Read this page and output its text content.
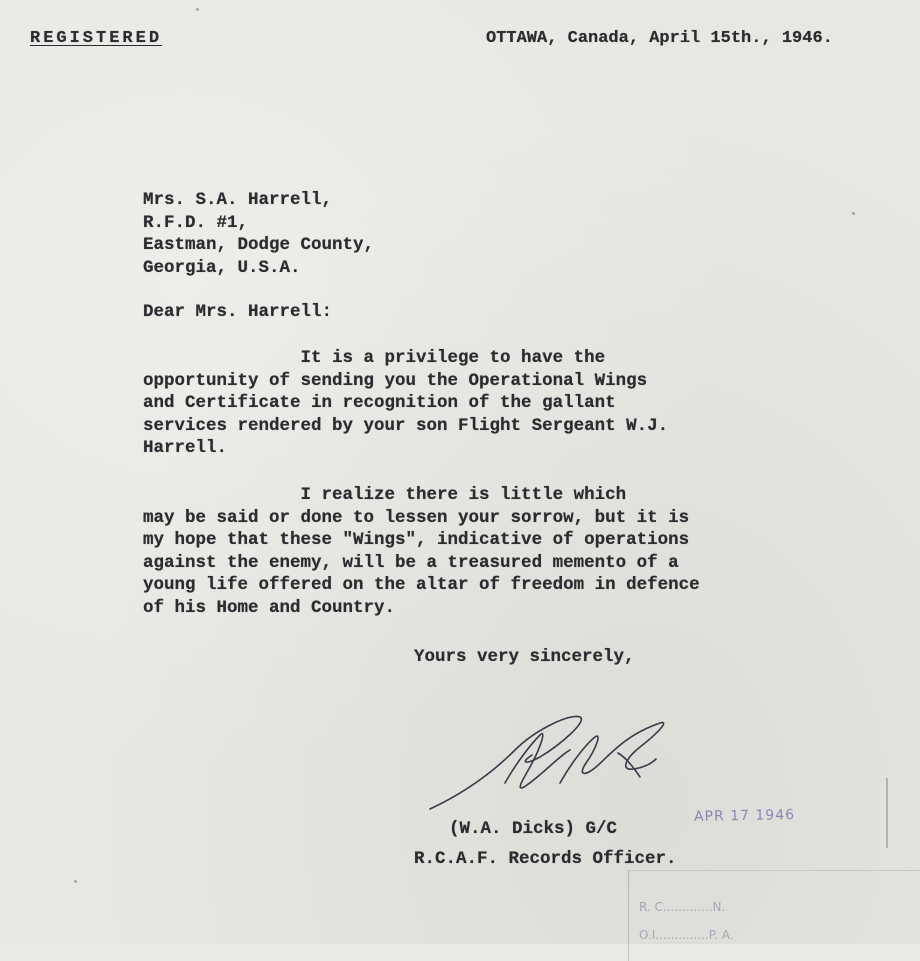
REGISTERED	OTTAWA, Canada, April 15th., 1946.
Mrs. S.A. Harrell,
R.F.D. #1,
Eastman, Dodge County,
Georgia, U.S.A.
Dear Mrs. Harrell:
It is a privilege to have the
opportunity of sending you the Operational Wings
and Certificate in recognition of the gallant
services rendered by your son Flight Sergeant W.J.
Harrell.
I realize there is little which
may be said or done to lessen your sorrow, but it is
my hope that these "Wings", indicative of operations
against the enemy, will be a treasured memento of a
young life offered on the altar of freedom in defence
of his Home and Country.
Yours very sincerely,
(W.A. Dicks) G/C
R.C.A.F. Records Officer.
APR 17 1946
R. C.............N.
O.I..............P. A.
